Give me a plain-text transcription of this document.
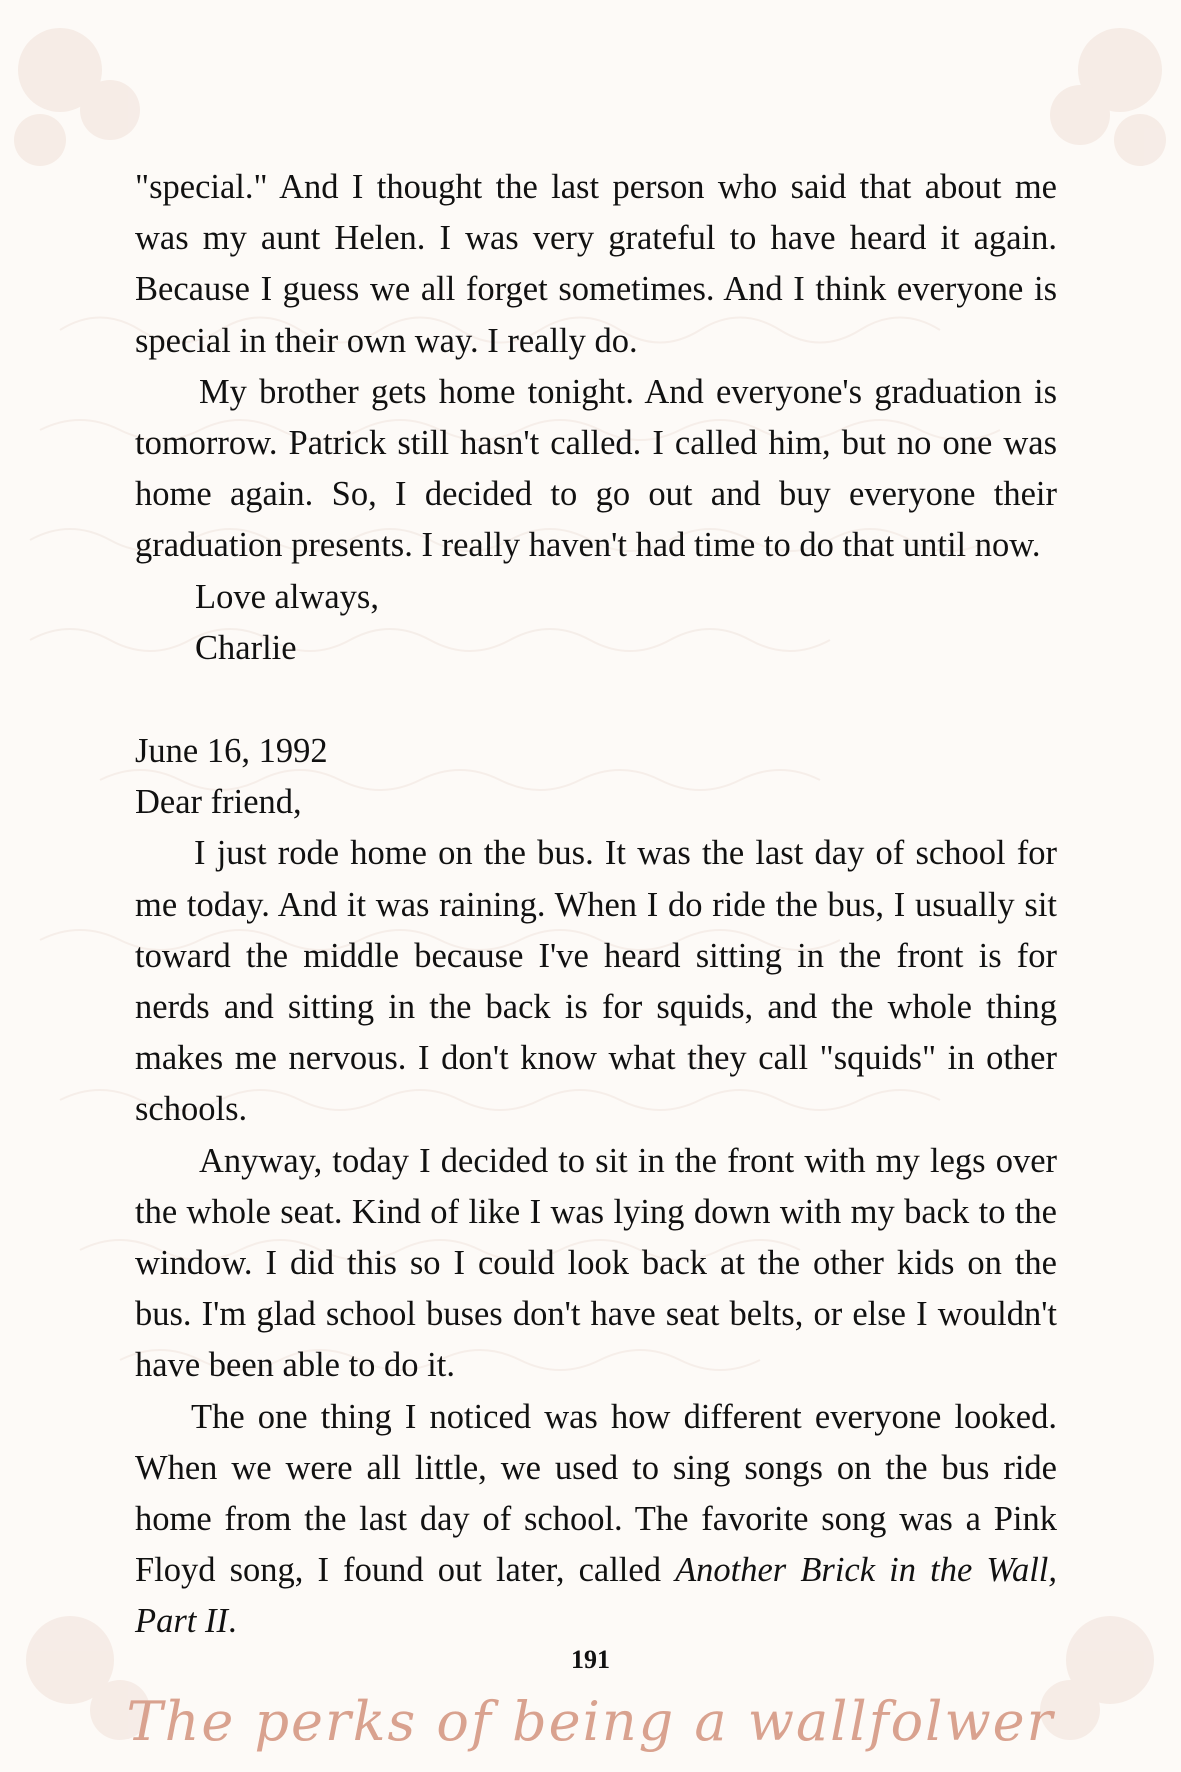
"special." And I thought the last person who said that about me was my aunt Helen. I was very grateful to have heard it again. Because I guess we all forget sometimes. And I think everyone is special in their own way. I really do.

My brother gets home tonight. And everyone's graduation is tomorrow. Patrick still hasn't called. I called him, but no one was home again. So, I decided to go out and buy everyone their graduation presents. I really haven't had time to do that until now.

Love always,

Charlie

June 16, 1992

Dear friend,

I just rode home on the bus. It was the last day of school for me today. And it was raining. When I do ride the bus, I usually sit toward the middle because I've heard sitting in the front is for nerds and sitting in the back is for squids, and the whole thing makes me nervous. I don't know what they call "squids" in other schools.

Anyway, today I decided to sit in the front with my legs over the whole seat. Kind of like I was lying down with my back to the window. I did this so I could look back at the other kids on the bus. I'm glad school buses don't have seat belts, or else I wouldn't have been able to do it.

The one thing I noticed was how different everyone looked. When we were all little, we used to sing songs on the bus ride home from the last day of school. The favorite song was a Pink Floyd song, I found out later, called Another Brick in the Wall, Part II.

191
The perks of being a wallfolwer
